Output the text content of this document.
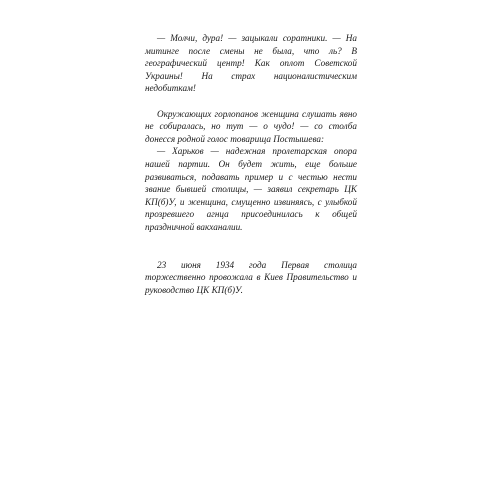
— Молчи, дура! — зацыкали соратники. — На митинге после смены не была, что ль? В географический центр! Как оплот Советской Украины! На страх националистическим недобиткам!

Окружающих горлопанов женщина слушать явно не собиралась, но тут — о чудо! — со столба донесся родной голос товарища Постышева:

— Харьков — надежная пролетарская опора нашей партии. Он будет жить, еще больше развиваться, подавать пример и с честью нести звание бывшей столицы, — заявил секретарь ЦК КП(б)У, и женщина, смущенно извиняясь, с улыбкой прозревшего агнца присоединилась к общей праздничной вакханалии.

23 июня 1934 года Первая столица торжественно провожала в Киев Правительство и руководство ЦК КП(б)У.
